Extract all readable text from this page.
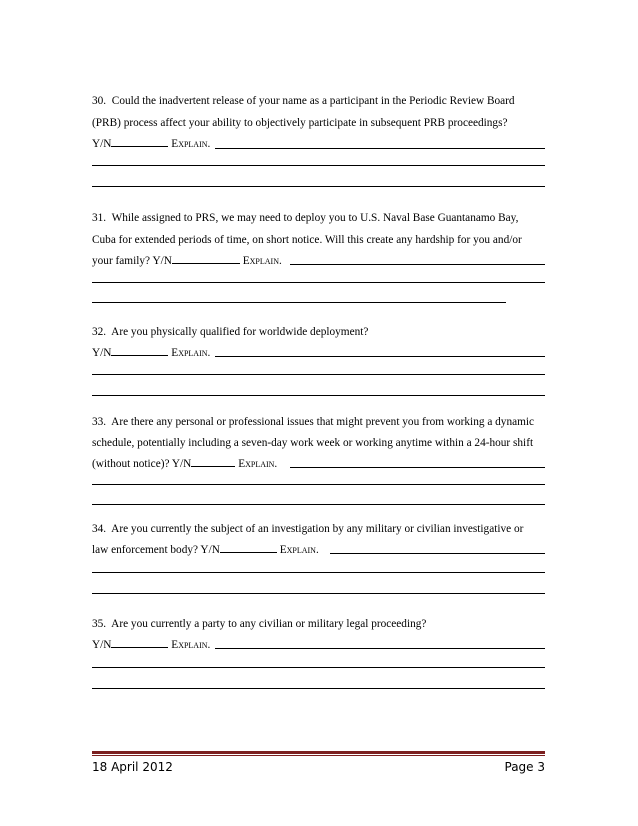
30. Could the inadvertent release of your name as a participant in the Periodic Review Board
(PRB) process affect your ability to objectively participate in subsequent PRB proceedings?
Y/N	Explain.
31. While assigned to PRS, we may need to deploy you to U.S. Naval Base Guantanamo Bay,
Cuba for extended periods of time, on short notice. Will this create any hardship for you and/or
your family? Y/N	Explain.
32. Are you physically qualified for worldwide deployment?
Y/N	Explain.
33. Are there any personal or professional issues that might prevent you from working a dynamic
schedule, potentially including a seven-day work week or working anytime within a 24-hour shift
(without notice)? Y/N	Explain.
34. Are you currently the subject of an investigation by any military or civilian investigative or
law enforcement body? Y/N	Explain.
35. Are you currently a party to any civilian or military legal proceeding?
Y/N	Explain.
18 April 2012	Page 3
